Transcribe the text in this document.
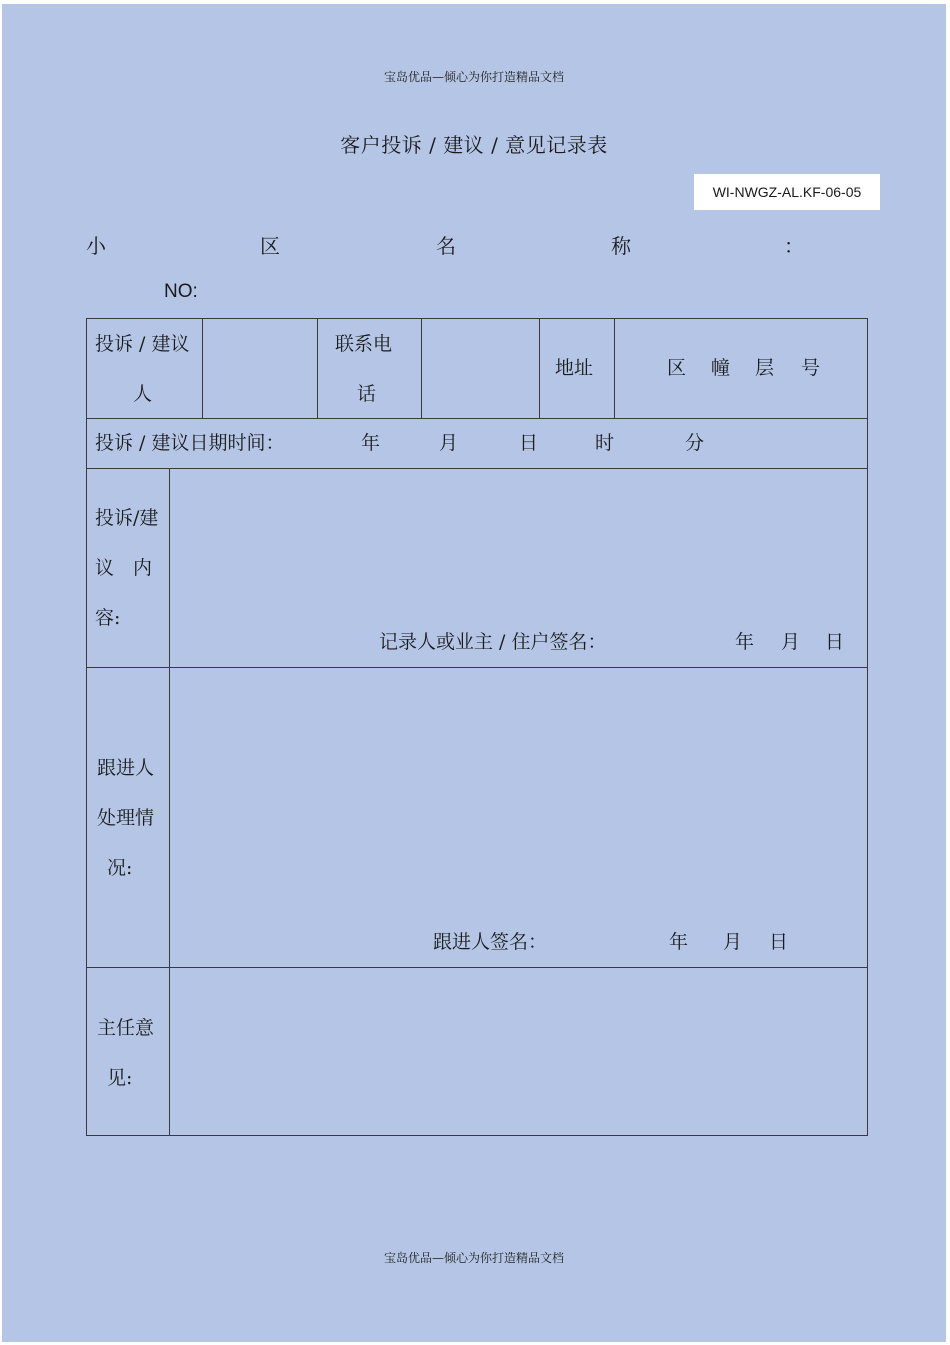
宝岛优品—倾心为你打造精品文档
客户投诉 / 建议 / 意见记录表
WI-NWGZ-AL.KF-06-05
小	区	名	称	：
NO:
投诉 / 建议
人
联系电
话
地址	区 幢 层 号
投诉 / 建议日期时间：	年	月	日	时	分
投诉/建
议　内
容:
记录人或业主 / 住户签名：	年 月 日
跟进人
处理情
况:
跟进人签名：	年 月 日
主任意
见:
宝岛优品—倾心为你打造精品文档
